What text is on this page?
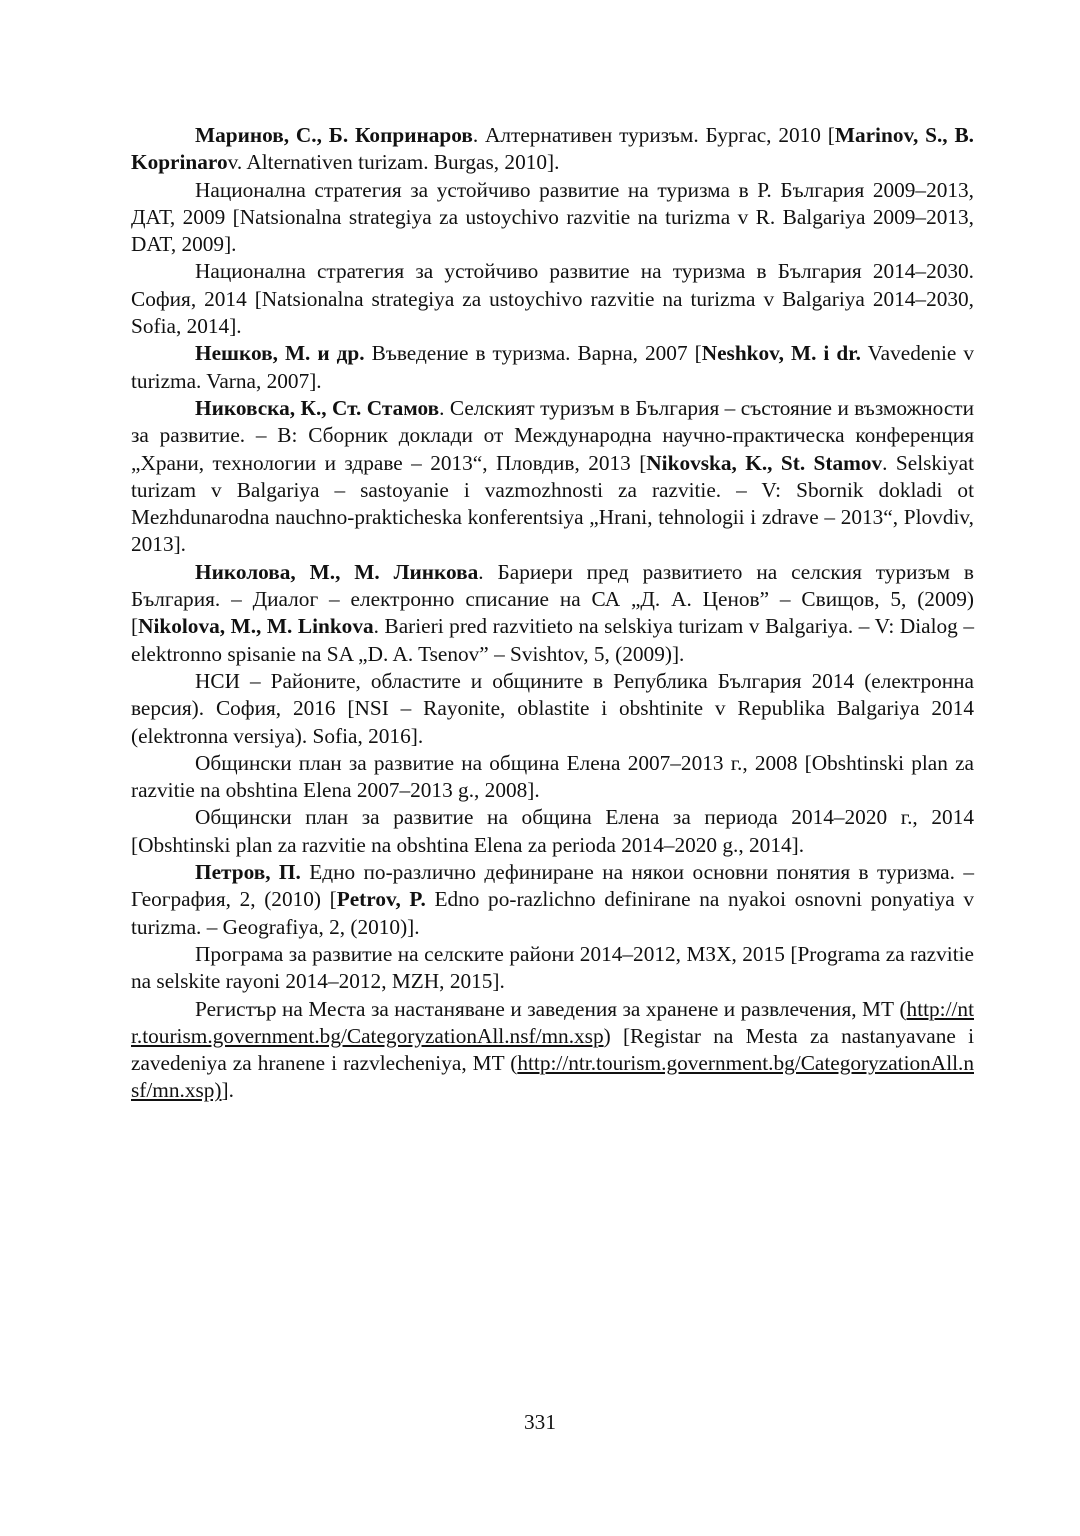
Маринов, С., Б. Копринаров. Алтернативен туризъм. Бургас, 2010 [Marinov, S., B. Koprinarov. Alternativen turizam. Burgas, 2010].

Национална стратегия за устойчиво развитие на туризма в Р. България 2009–2013, ДАТ, 2009 [Natsionalna strategiya za ustoychivo razvitie na turizma v R. Balgariya 2009–2013, DAT, 2009].

Национална стратегия за устойчиво развитие на туризма в България 2014–2030. София, 2014 [Natsionalna strategiya za ustoychivo razvitie na turizma v Balgariya 2014–2030, Sofia, 2014].

Нешков, М. и др. Въведение в туризма. Варна, 2007 [Neshkov, M. i dr. Vavedenie v turizma. Varna, 2007].

Никовска, К., Ст. Стамов. Селският туризъм в България – състояние и възможности за развитие. – В: Сборник доклади от Международна научно-практическа конференция „Храни, технологии и здраве – 2013“, Пловдив, 2013 [Nikovska, K., St. Stamov. Selskiyat turizam v Balgariya – sastoyanie i vazmozhnosti za razvitie. – V: Sbornik dokladi ot Mezhdunarodna nauchno-prakticheska konferentsiya „Hrani, tehnologii i zdrave – 2013“, Plovdiv, 2013].

Николова, М., М. Линкова. Бариери пред развитието на селския туризъм в България. – Диалог – електронно списание на СА „Д. А. Ценов” – Свищов, 5, (2009) [Nikolova, M., M. Linkova. Barieri pred razvitieto na selskiya turizam v Balgariya. – V: Dialog – elektronno spisanie na SA „D. A. Tsenov” – Svishtov, 5, (2009)].

НСИ – Районите, областите и общините в Република България 2014 (електронна версия). София, 2016 [NSI – Rayonite, oblastite i obshtinite v Republika Balgariya 2014 (elektronna versiya). Sofia, 2016].

Общински план за развитие на община Елена 2007–2013 г., 2008 [Obshtinski plan za razvitie na obshtina Elena 2007–2013 g., 2008].

Общински план за развитие на община Елена за периода 2014–2020 г., 2014 [Obshtinski plan za razvitie na obshtina Elena za perioda 2014–2020 g., 2014].

Петров, П. Едно по-различно дефиниране на някои основни понятия в туризма. – География, 2, (2010) [Petrov, P. Edno po-razlichno definirane na nyakoi osnovni ponyatiya v turizma. – Geografiya, 2, (2010)].

Програма за развитие на селските райони 2014–2012, МЗХ, 2015 [Programa za razvitie na selskite rayoni 2014–2012, MZH, 2015].

Регистър на Места за настаняване и заведения за хранене и развлечения, МТ (http://ntr.tourism.government.bg/CategoryzationAll.nsf/mn.xsp) [Registar na Mesta za nastanyavane i zavedeniya za hranene i razvlecheniya, MT (http://ntr.tourism.government.bg/CategoryzationAll.nsf/mn.xsp)].

331
